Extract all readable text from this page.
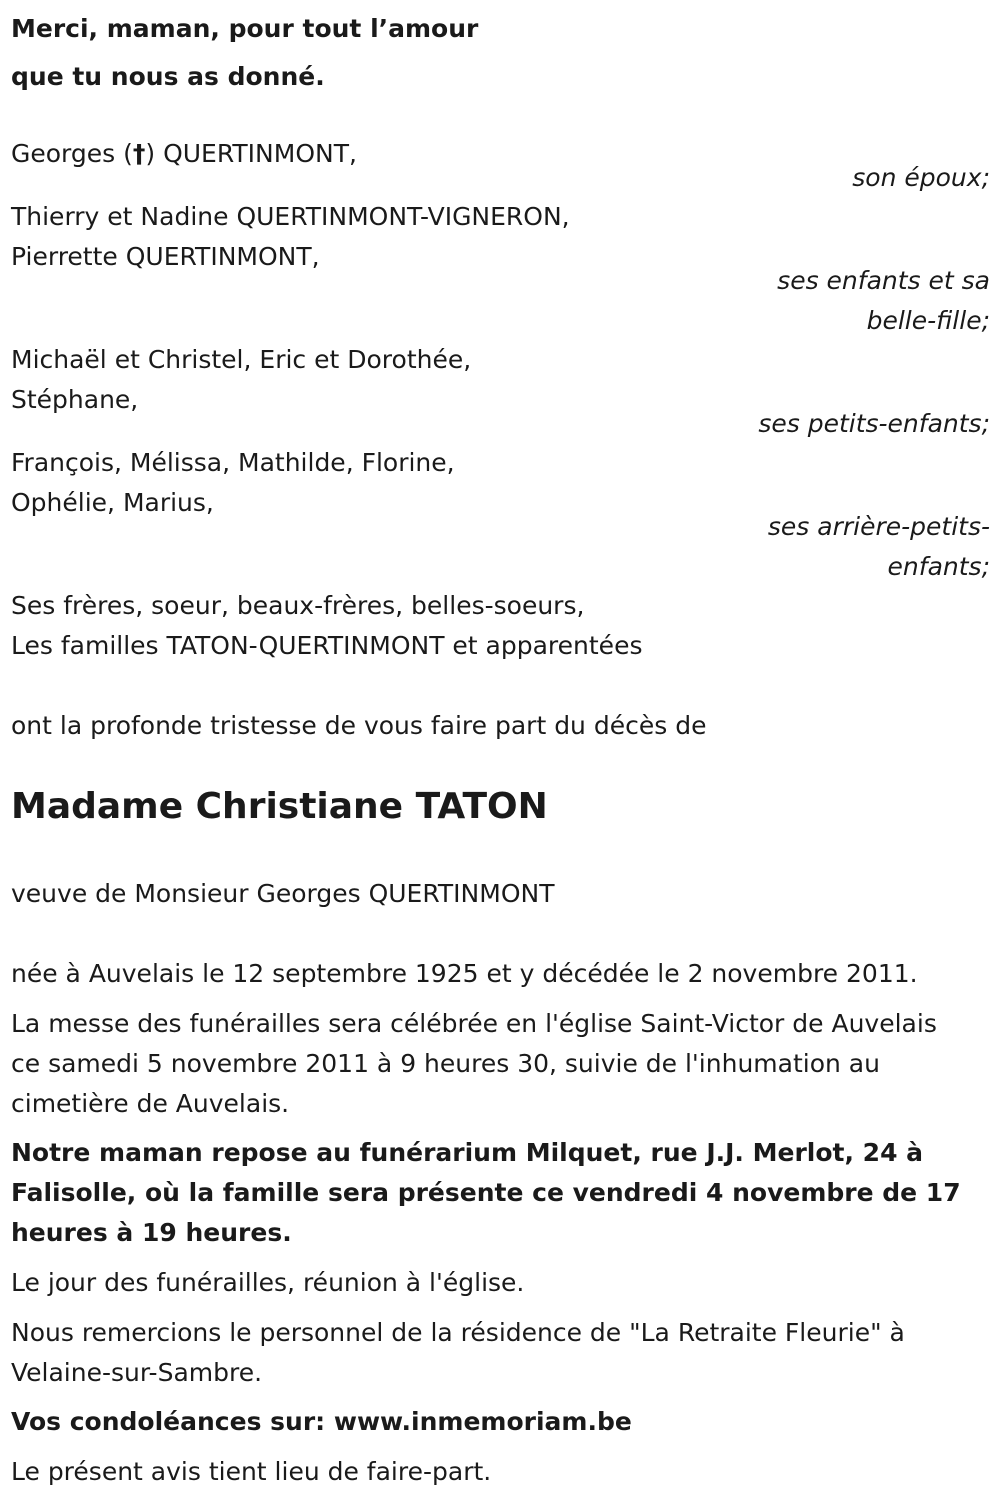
Merci, maman, pour tout l’amour
que tu nous as donné.
Georges (†) QUERTINMONT,
son époux;
Thierry et Nadine QUERTINMONT-VIGNERON,
Pierrette QUERTINMONT,
ses enfants et sa
belle-fille;
Michaël et Christel, Eric et Dorothée,
Stéphane,
ses petits-enfants;
François, Mélissa, Mathilde, Florine,
Ophélie, Marius,
ses arrière-petits-
enfants;
Ses frères, soeur, beaux-frères, belles-soeurs,
Les familles TATON-QUERTINMONT et apparentées
ont la profonde tristesse de vous faire part du décès de
Madame Christiane TATON
veuve de Monsieur Georges QUERTINMONT
née à Auvelais le 12 septembre 1925 et y décédée le 2 novembre 2011.
La messe des funérailles sera célébrée en l'église Saint-Victor de Auvelais
ce samedi 5 novembre 2011 à 9 heures 30, suivie de l'inhumation au
cimetière de Auvelais.
Notre maman repose au funérarium Milquet, rue J.J. Merlot, 24 à
Falisolle, où la famille sera présente ce vendredi 4 novembre de 17
heures à 19 heures.
Le jour des funérailles, réunion à l'église.
Nous remercions le personnel de la résidence de "La Retraite Fleurie" à
Velaine-sur-Sambre.
Vos condoléances sur: www.inmemoriam.be
Le présent avis tient lieu de faire-part.
